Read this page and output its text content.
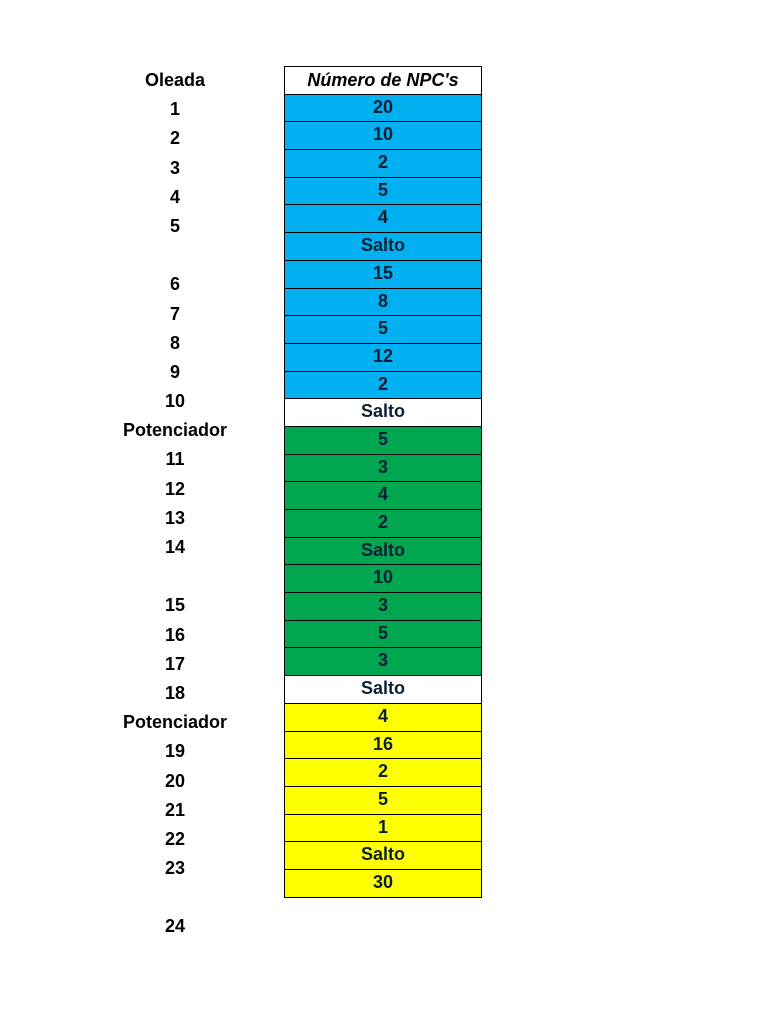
Oleada
1
2
3
4
5
6
7
8
9
10
Potenciador
11
12
13
14
15
16
17
18
Potenciador
19
20
21
22
23
24
Número de NPC's
20
10
2
5
4
Salto
15
8
5
12
2
Salto
5
3
4
2
Salto
10
3
5
3
Salto
4
16
2
5
1
Salto
30
